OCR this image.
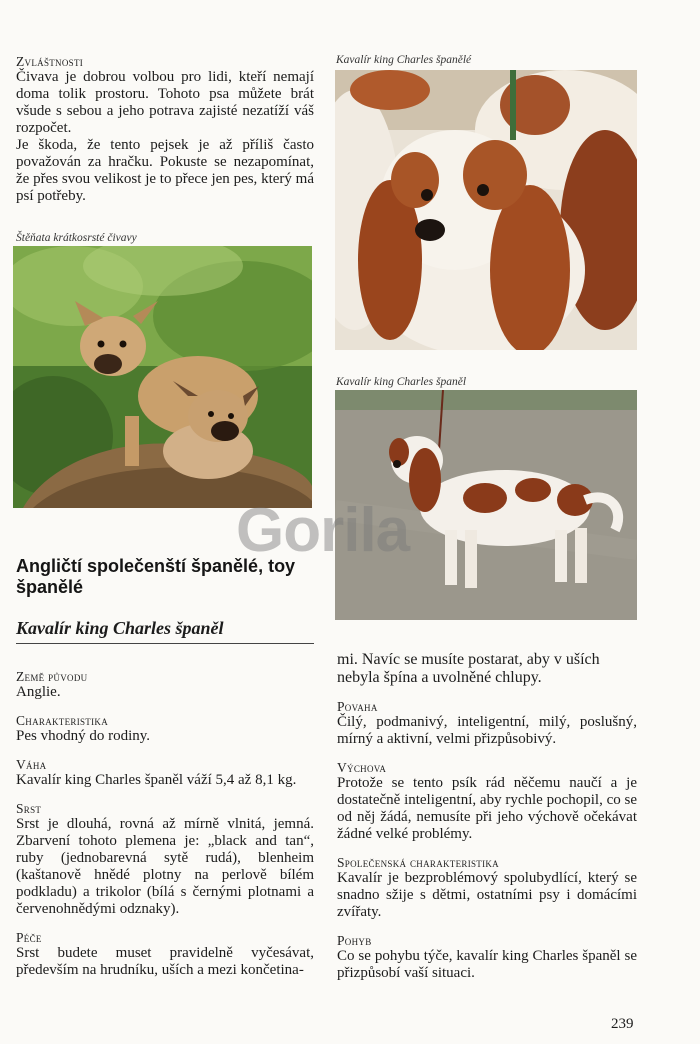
Zvláštnosti

Čivava je dobrou volbou pro lidi, kteří nemají doma tolik prostoru. Tohoto psa můžete brát všude s sebou a jeho potrava zajisté nezatíží váš rozpočet.

Je škoda, že tento pejsek je až příliš často považován za hračku. Pokuste se nezapomínat, že přes svou velikost je to přece jen pes, který má psí potřeby.

Štěňata krátkosrsté čivavy
Kavalír king Charles španělé
Kavalír king Charles španěl
Gorila
Angličtí společenští španělé, toy španělé
Kavalír king Charles španěl
Země původu
Anglie.
Charakteristika
Pes vhodný do rodiny.
Váha
Kavalír king Charles španěl váží 5,4 až 8,1 kg.
Srst
Srst je dlouhá, rovná až mírně vlnitá, jemná. Zbarvení tohoto plemena je: „black and tan“, ruby (jednobarevná sytě rudá), blenheim (kaštanově hnědé plotny na perlově bílém podkladu) a trikolor (bílá s černými plotnami a červenohnědými odznaky).
Péče
Srst budete muset pravidelně vyčesávat, především na hrudníku, uších a mezi končetina-
mi. Navíc se musíte postarat, aby v uších nebyla špína a uvolněné chlupy.
Povaha
Čilý, podmanivý, inteligentní, milý, poslušný, mírný a aktivní, velmi přizpůsobivý.
Výchova
Protože se tento psík rád něčemu naučí a je dostatečně inteligentní, aby rychle pochopil, co se od něj žádá, nemusíte při jeho výchově očekávat žádné velké problémy.
Společenská charakteristika
Kavalír je bezproblémový spolubydlící, který se snadno sžije s dětmi, ostatními psy i domácími zvířaty.
Pohyb
Co se pohybu týče, kavalír king Charles španěl se přizpůsobí vaší situaci.
239
